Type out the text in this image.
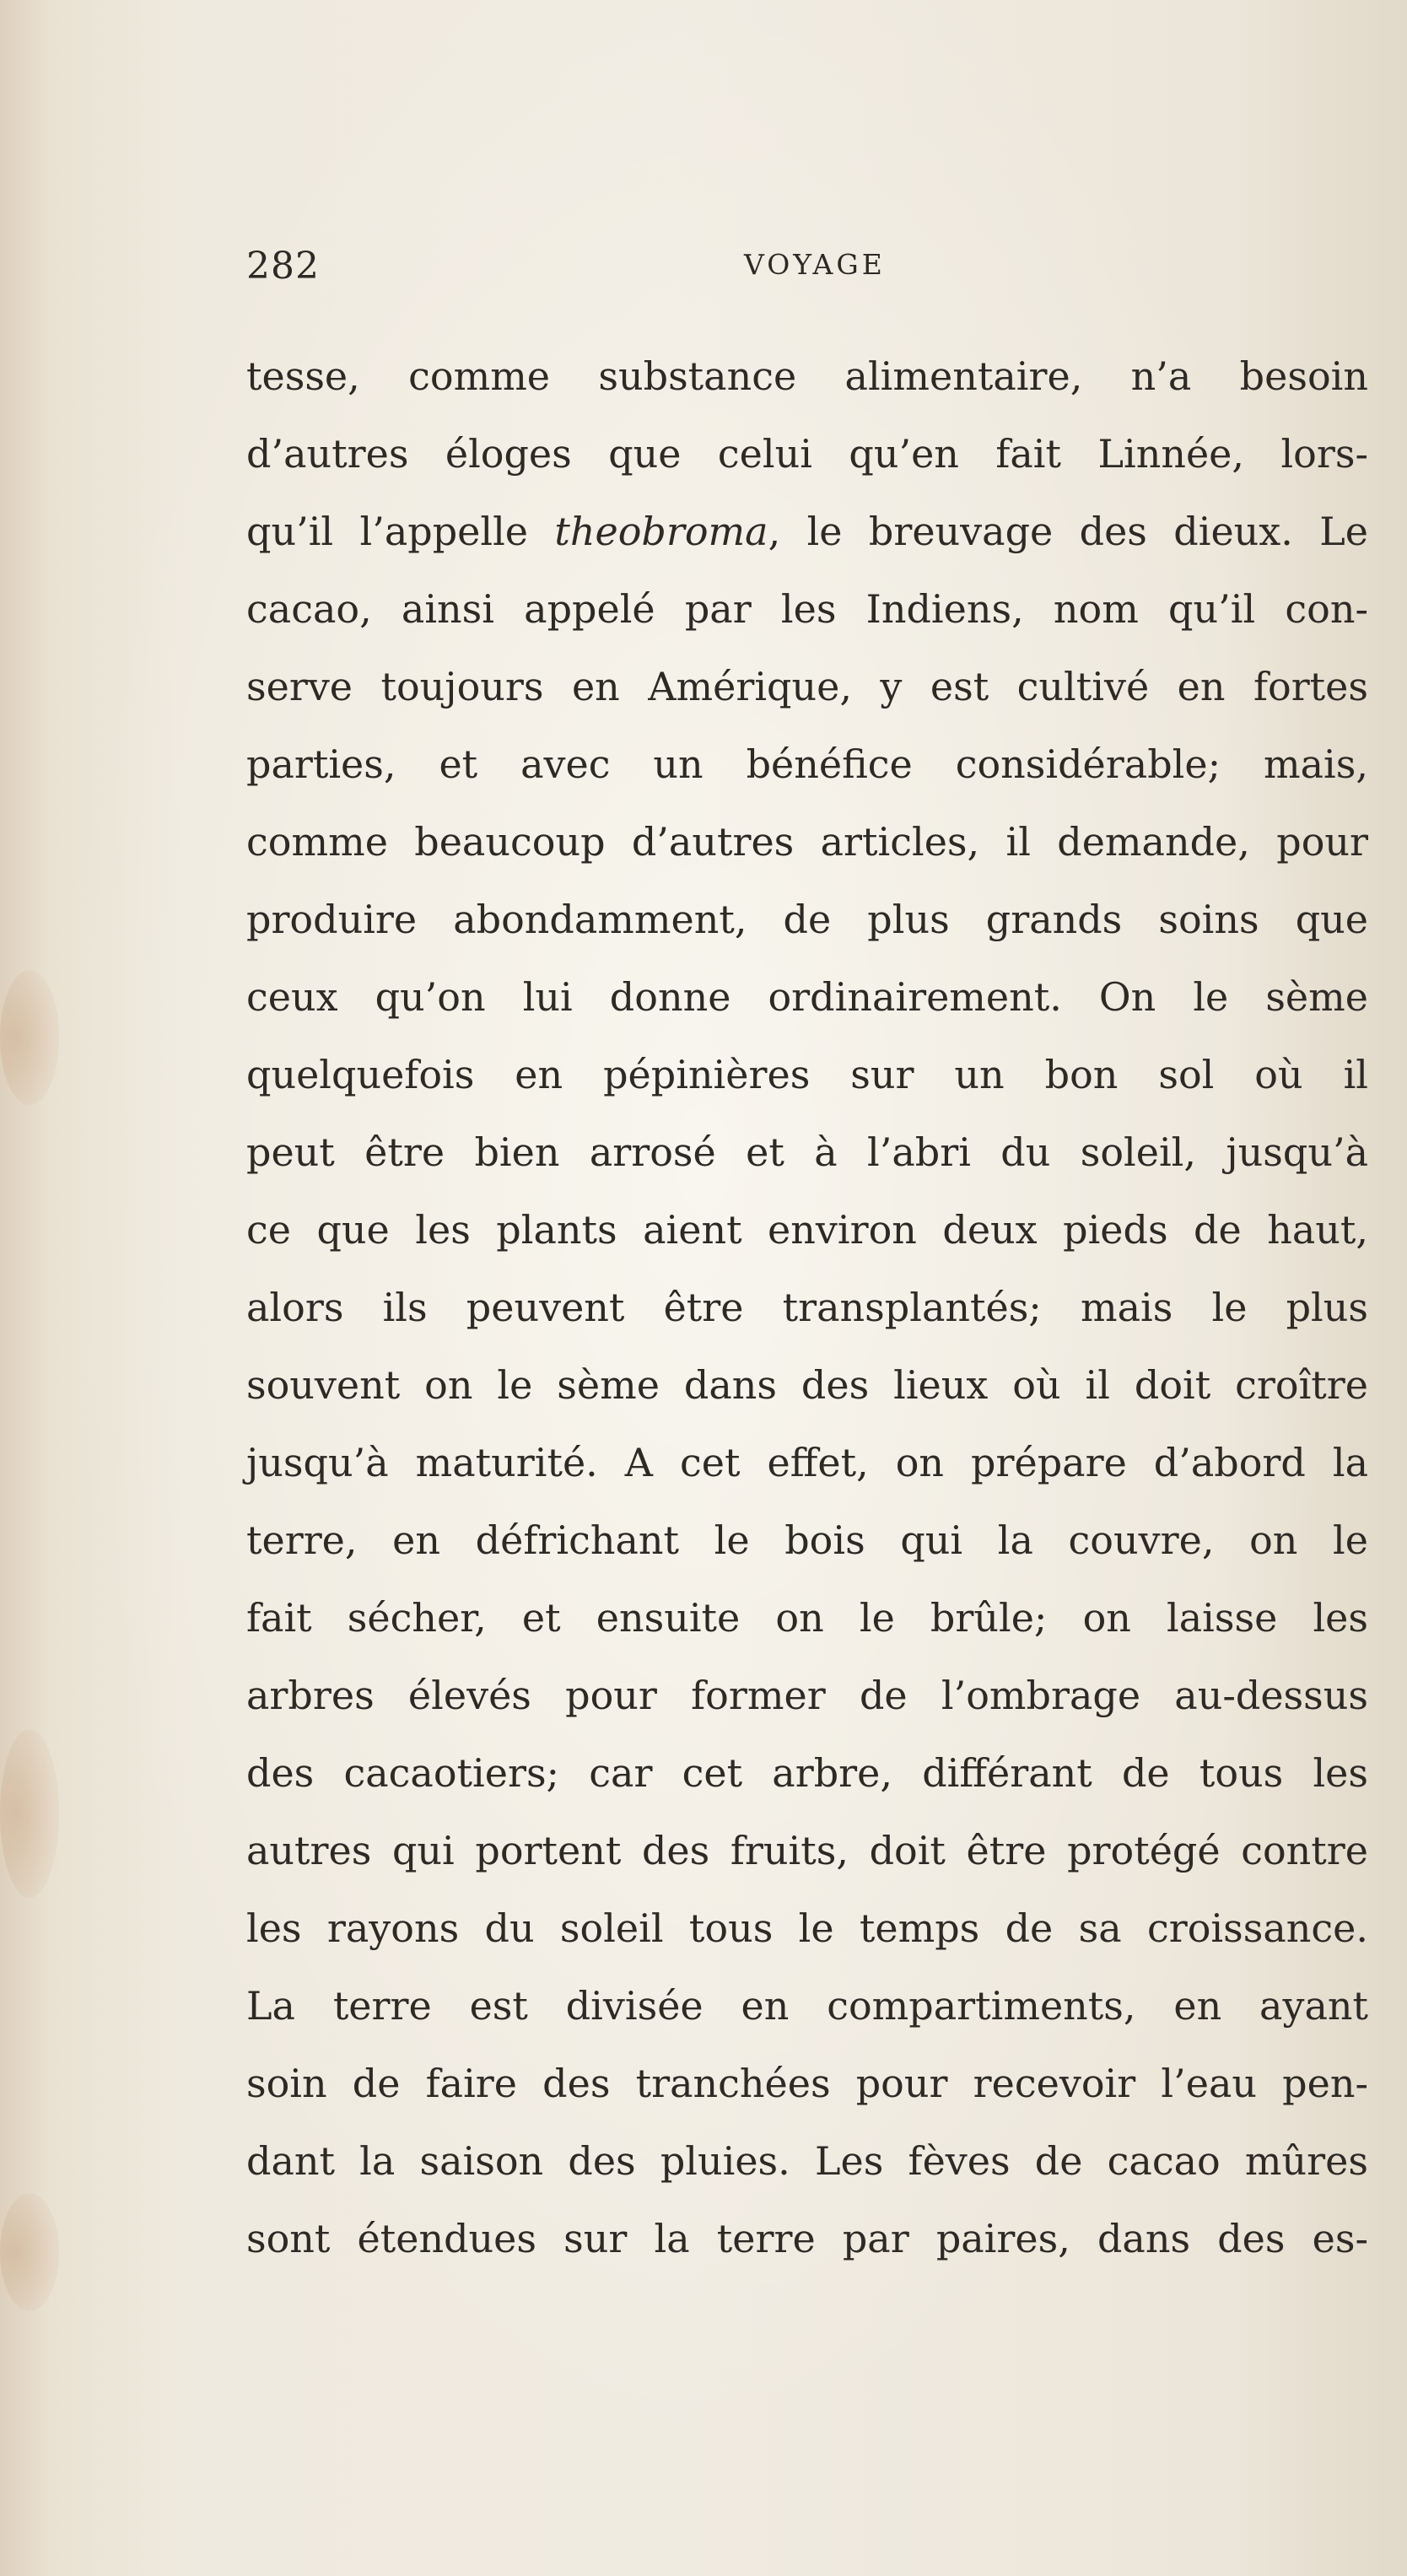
282	VOYAGE
tesse, comme substance alimentaire, n’a besoin
d’autres éloges que celui qu’en fait Linnée, lors-
qu’il l’appelle theobroma, le breuvage des dieux. Le
cacao, ainsi appelé par les Indiens, nom qu’il con-
serve toujours en Amérique, y est cultivé en fortes
parties, et avec un bénéfice considérable; mais,
comme beaucoup d’autres articles, il demande, pour
produire abondamment, de plus grands soins que
ceux qu’on lui donne ordinairement. On le sème
quelquefois en pépinières sur un bon sol où il
peut être bien arrosé et à l’abri du soleil, jusqu’à
ce que les plants aient environ deux pieds de haut,
alors ils peuvent être transplantés; mais le plus
souvent on le sème dans des lieux où il doit croître
jusqu’à maturité. A cet effet, on prépare d’abord la
terre, en défrichant le bois qui la couvre, on le
fait sécher, et ensuite on le brûle; on laisse les
arbres élevés pour former de l’ombrage au-dessus
des cacaotiers; car cet arbre, différant de tous les
autres qui portent des fruits, doit être protégé contre
les rayons du soleil tous le temps de sa croissance.
La terre est divisée en compartiments, en ayant
soin de faire des tranchées pour recevoir l’eau pen-
dant la saison des pluies. Les fèves de cacao mûres
sont étendues sur la terre par paires, dans des es-
